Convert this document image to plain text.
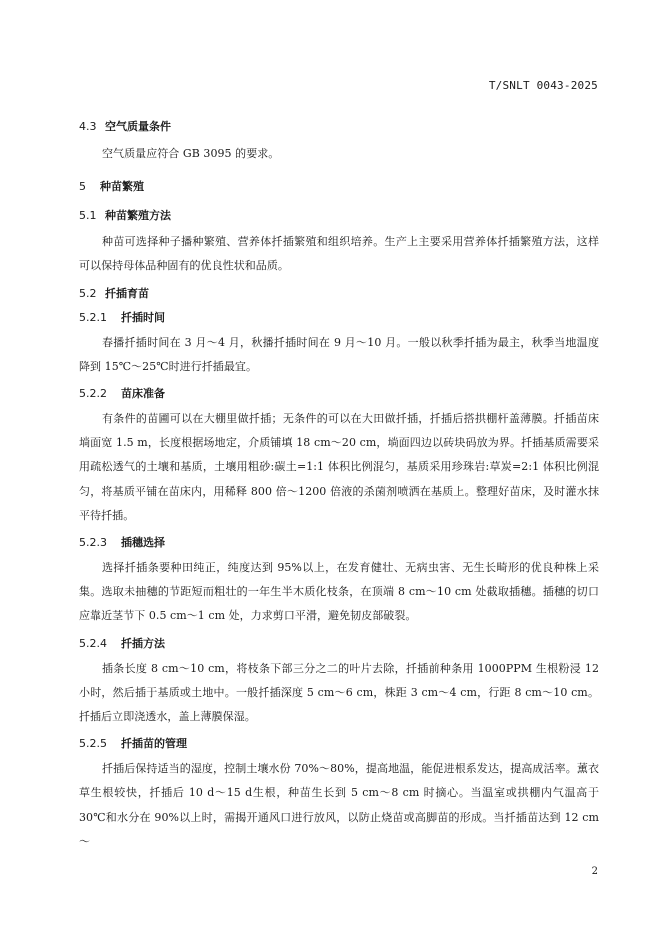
T/SNLT 0043-2025
4.3 空气质量条件
空气质量应符合 GB 3095 的要求。
5 种苗繁殖
5.1 种苗繁殖方法
种苗可选择种子播种繁殖、营养体扦插繁殖和组织培养。生产上主要采用营养体扦插繁殖方法，这样可以保持母体品种固有的优良性状和品质。
5.2 扦插育苗
5.2.1 扦插时间
春播扦插时间在 3 月～4 月，秋播扦插时间在 9 月～10 月。一般以秋季扦插为最主，秋季当地温度降到 15℃～25℃时进行扦插最宜。
5.2.2 苗床准备
有条件的苗圃可以在大棚里做扦插；无条件的可以在大田做扦插，扦插后搭拱棚杆盖薄膜。扦插苗床埫面宽 1.5 m，长度根据场地定，介质铺填 18 cm～20 cm，埫面四边以砖块码放为界。扦插基质需要采用疏松透气的土壤和基质，土壤用粗砂:碳土=1:1 体积比例混匀，基质采用珍珠岩:草炭=2:1 体积比例混匀，将基质平铺在苗床内，用稀释 800 倍～1200 倍液的杀菌剂喷洒在基质上。整理好苗床，及时灌水抹平待扦插。
5.2.3 插穗选择
选择扦插条要种田纯正，纯度达到 95%以上，在发育健壮、无病虫害、无生长畸形的优良种株上采集。选取未抽穗的节距短而粗壮的一年生半木质化枝条，在顶端 8 cm～10 cm 处截取插穗。插穗的切口应靠近茎节下 0.5 cm～1 cm 处，力求剪口平滑，避免韧皮部破裂。
5.2.4 扦插方法
插条长度 8 cm～10 cm，将枝条下部三分之二的叶片去除，扦插前种条用 1000PPM 生根粉浸 12 小时，然后插于基质或土地中。一般扦插深度 5 cm～6 cm，株距 3 cm～4 cm，行距 8 cm～10 cm。扦插后立即浇透水，盖上薄膜保湿。
5.2.5 扦插苗的管理
扦插后保持适当的湿度，控制土壤水份 70%～80%，提高地温，能促进根系发达，提高成活率。薰衣草生根较快，扦插后 10 d～15 d生根，种苗生长到 5 cm～8 cm 时摘心。当温室或拱棚内气温高于 30℃和水分在 90%以上时，需揭开通风口进行放风，以防止烧苗或高脚苗的形成。当扦插苗达到 12 cm～
2
